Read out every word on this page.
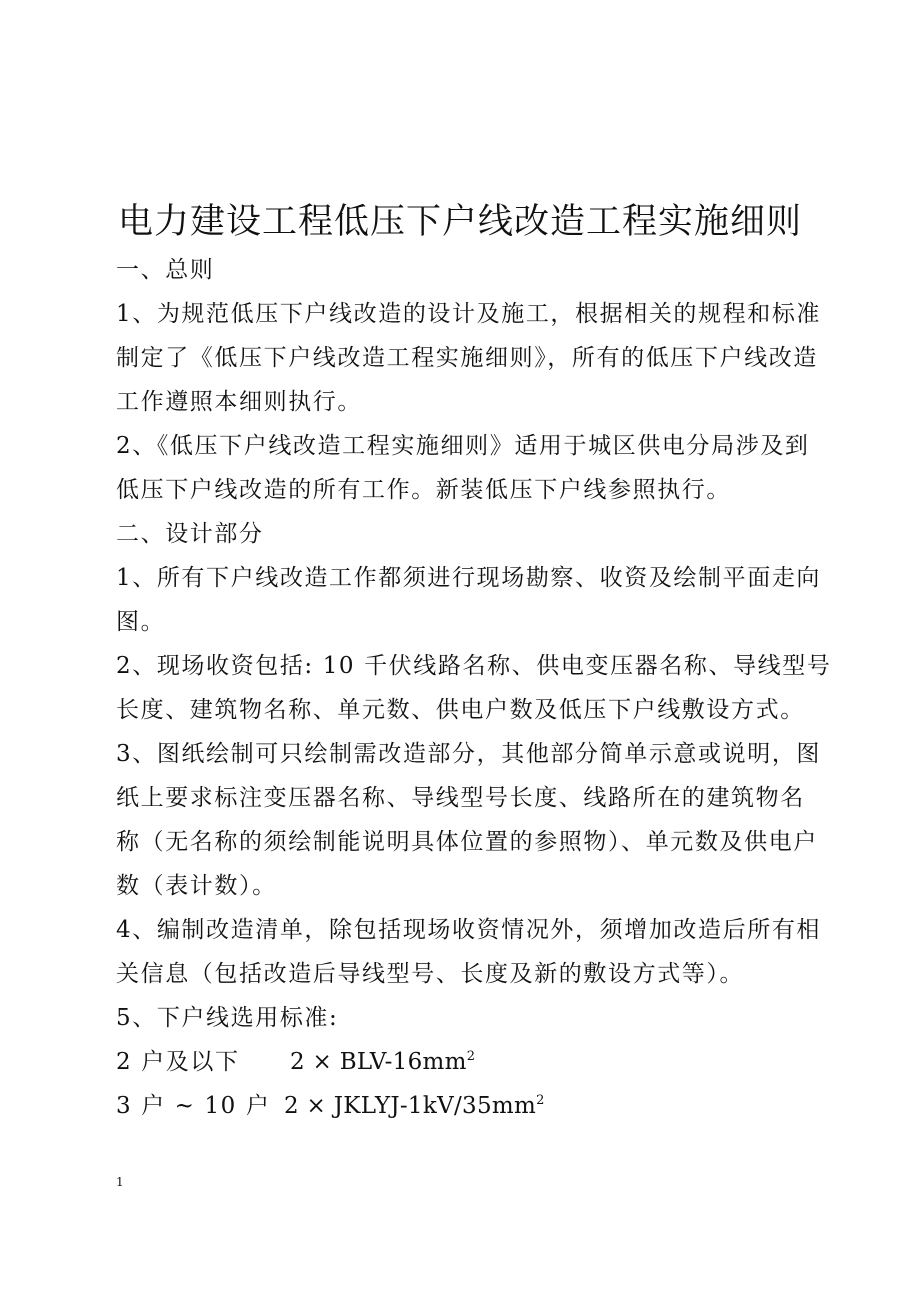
电力建设工程低压下户线改造工程实施细则
一、总则
1、为规范低压下户线改造的设计及施工，根据相关的规程和标准
制定了《低压下户线改造工程实施细则》，所有的低压下户线改造
工作遵照本细则执行。
2、《低压下户线改造工程实施细则》适用于城区供电分局涉及到
低压下户线改造的所有工作。新装低压下户线参照执行。
二、设计部分
1、所有下户线改造工作都须进行现场勘察、收资及绘制平面走向
图。
2、现场收资包括: 10 千伏线路名称、供电变压器名称、导线型号
长度、建筑物名称、单元数、供电户数及低压下户线敷设方式。
3、图纸绘制可只绘制需改造部分，其他部分简单示意或说明，图
纸上要求标注变压器名称、导线型号长度、线路所在的建筑物名
称（无名称的须绘制能说明具体位置的参照物）、单元数及供电户
数（表计数）。
4、编制改造清单，除包括现场收资情况外，须增加改造后所有相
关信息（包括改造后导线型号、长度及新的敷设方式等）。
5、下户线选用标准:
2 户及以下 2 × BLV-$16mm^2$
3 户 ~ 10 户 2 × JKLYJ-$1kV/35mm^2$
1
